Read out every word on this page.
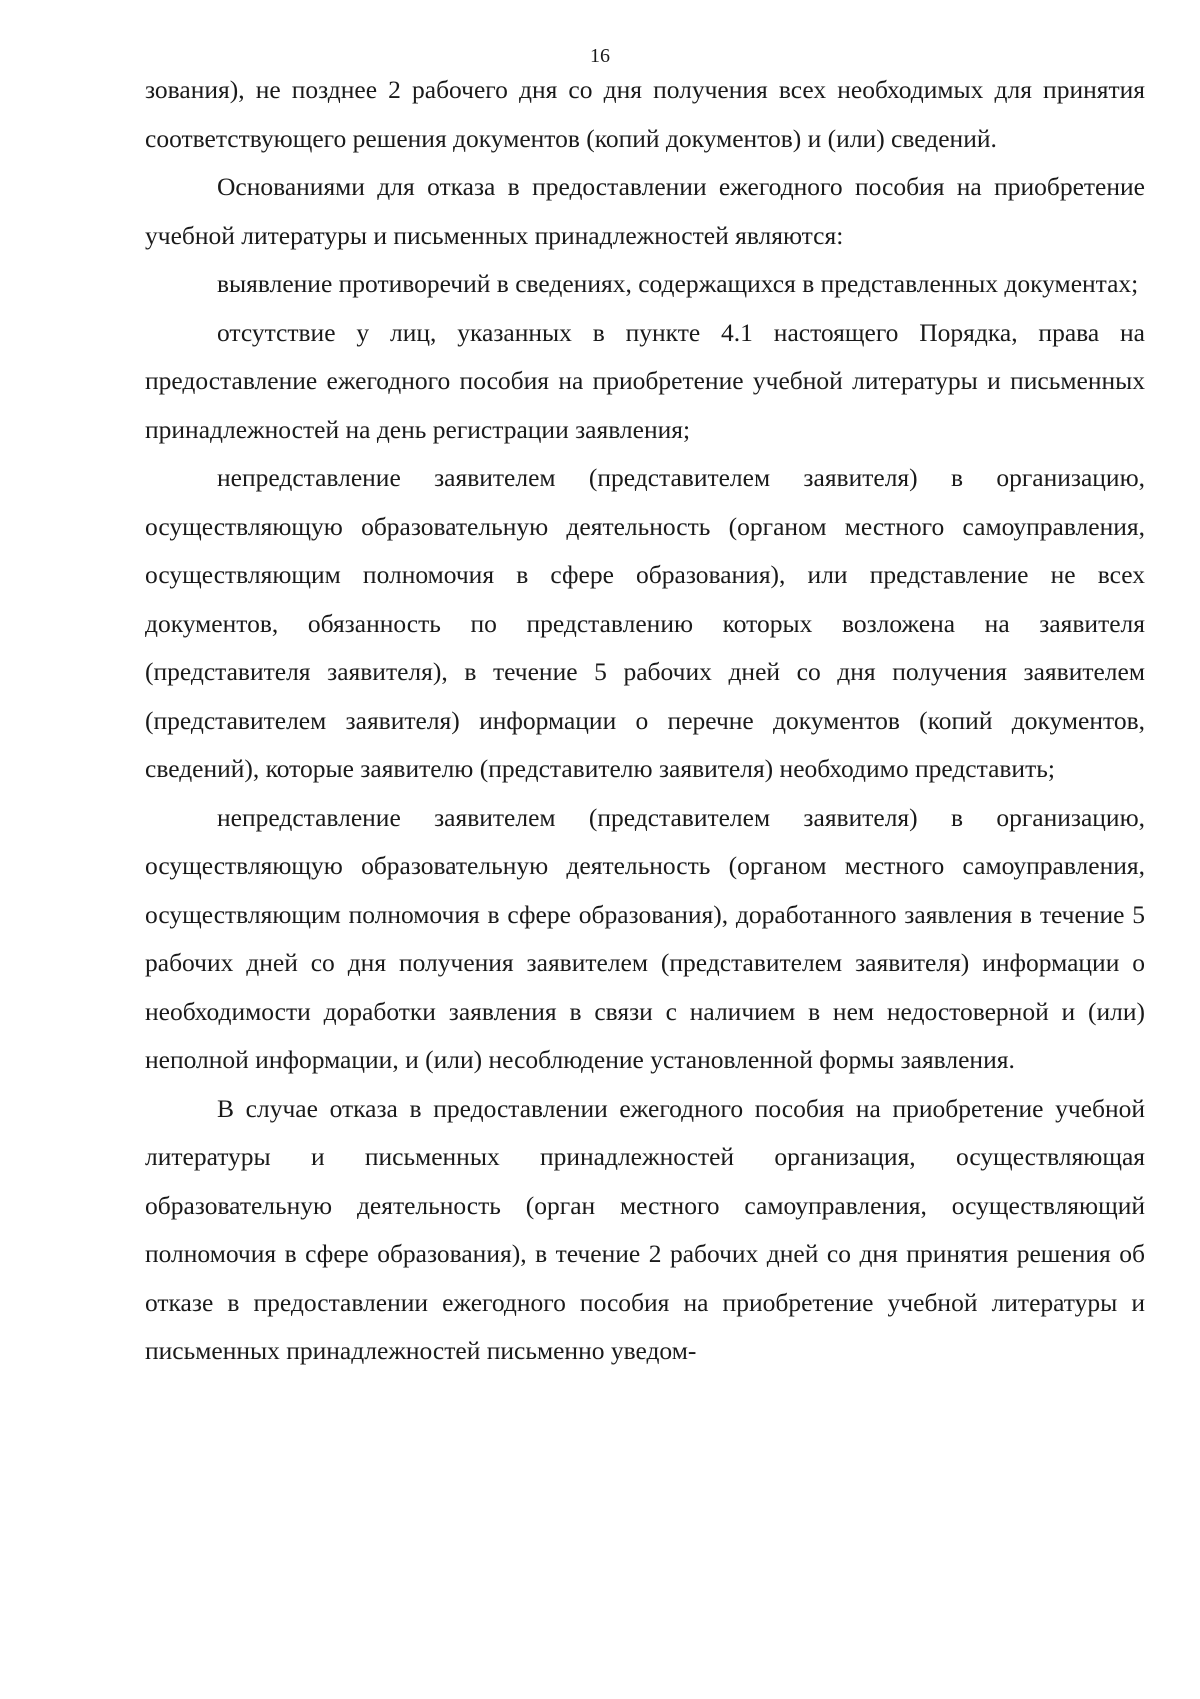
16

зования), не позднее 2 рабочего дня со дня получения всех необходимых для принятия соответствующего решения документов (копий документов) и (или) сведений.

Основаниями для отказа в предоставлении ежегодного пособия на приобретение учебной литературы и письменных принадлежностей являются:

выявление противоречий в сведениях, содержащихся в представленных документах;

отсутствие у лиц, указанных в пункте 4.1 настоящего Порядка, права на предоставление ежегодного пособия на приобретение учебной литературы и письменных принадлежностей на день регистрации заявления;

непредставление заявителем (представителем заявителя) в организацию, осуществляющую образовательную деятельность (органом местного самоуправления, осуществляющим полномочия в сфере образования), или представление не всех документов, обязанность по представлению которых возложена на заявителя (представителя заявителя), в течение 5 рабочих дней со дня получения заявителем (представителем заявителя) информации о перечне документов (копий документов, сведений), которые заявителю (представителю заявителя) необходимо представить;

непредставление заявителем (представителем заявителя) в организацию, осуществляющую образовательную деятельность (органом местного самоуправления, осуществляющим полномочия в сфере образования), доработанного заявления в течение 5 рабочих дней со дня получения заявителем (представителем заявителя) информации о необходимости доработки заявления в связи с наличием в нем недостоверной и (или) неполной информации, и (или) несоблюдение установленной формы заявления.

В случае отказа в предоставлении ежегодного пособия на приобретение учебной литературы и письменных принадлежностей организация, осуществляющая образовательную деятельность (орган местного самоуправления, осуществляющий полномочия в сфере образования), в течение 2 рабочих дней со дня принятия решения об отказе в предоставлении ежегодного пособия на приобретение учебной литературы и письменных принадлежностей письменно уведом-
